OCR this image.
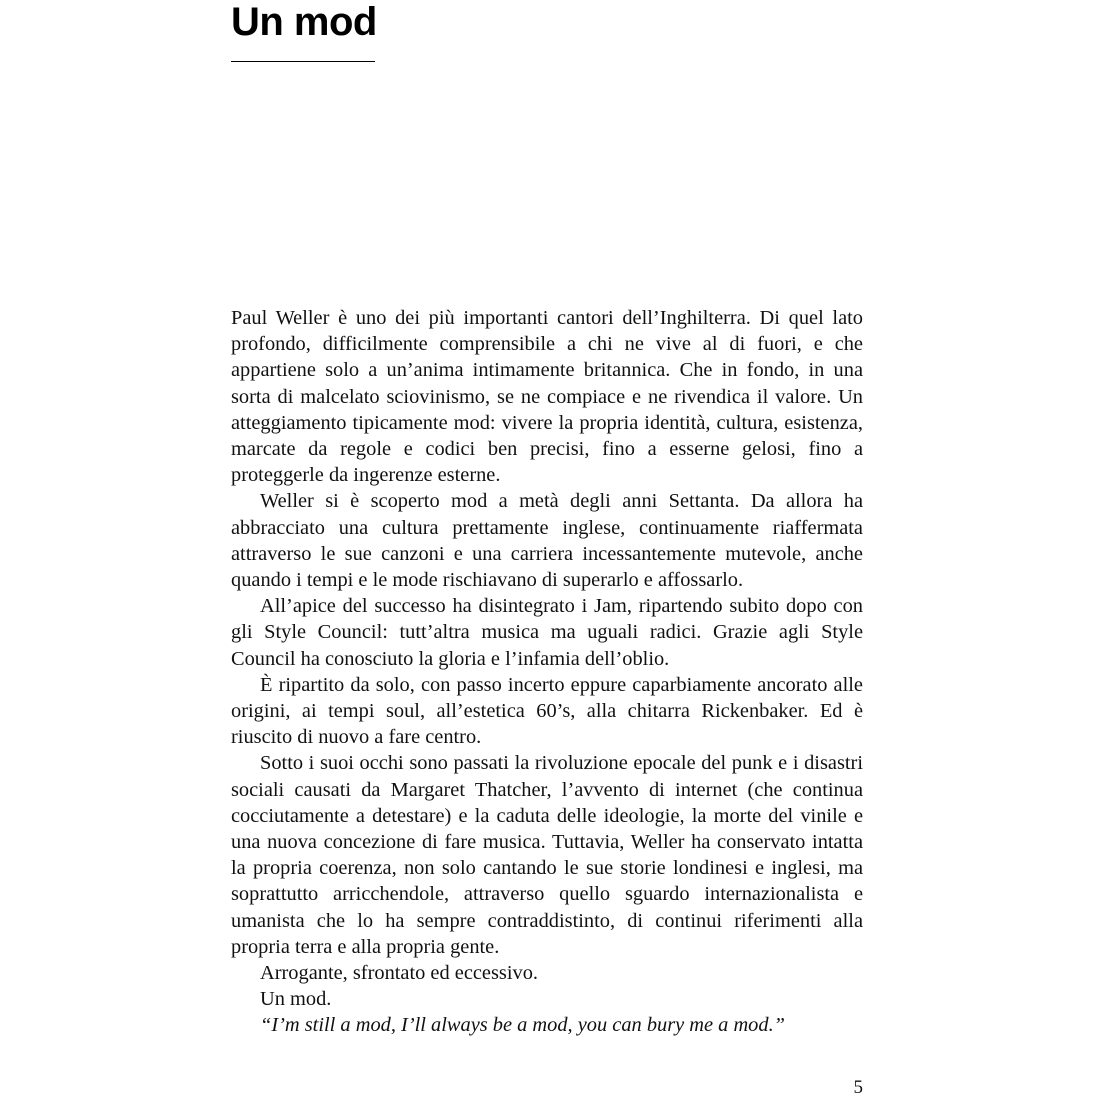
Un mod

Paul Weller è uno dei più importanti cantori dell’Inghilterra. Di quel lato profondo, difficilmente comprensibile a chi ne vive al di fuori, e che appartiene solo a un’anima intimamente britannica. Che in fondo, in una sorta di malcelato sciovinismo, se ne compiace e ne rivendica il valore. Un atteggiamento tipicamente mod: vivere la propria identità, cultura, esistenza, marcate da regole e codici ben precisi, fino a esserne gelosi, fino a proteggerle da ingerenze esterne.

Weller si è scoperto mod a metà degli anni Settanta. Da allora ha abbracciato una cultura prettamente inglese, continuamente riaffermata attraverso le sue canzoni e una carriera incessantemente mutevole, anche quando i tempi e le mode rischiavano di superarlo e affossarlo.

All’apice del successo ha disintegrato i Jam, ripartendo subito dopo con gli Style Council: tutt’altra musica ma uguali radici. Grazie agli Style Council ha conosciuto la gloria e l’infamia dell’oblio.

È ripartito da solo, con passo incerto eppure caparbiamente ancorato alle origini, ai tempi soul, all’estetica 60’s, alla chitarra Rickenbaker. Ed è riuscito di nuovo a fare centro.

Sotto i suoi occhi sono passati la rivoluzione epocale del punk e i disastri sociali causati da Margaret Thatcher, l’avvento di internet (che continua cocciutamente a detestare) e la caduta delle ideologie, la morte del vinile e una nuova concezione di fare musica. Tuttavia, Weller ha conservato intatta la propria coerenza, non solo cantando le sue storie londinesi e inglesi, ma soprattutto arricchendole, attraverso quello sguardo internazionalista e umanista che lo ha sempre contraddistinto, di continui riferimenti alla propria terra e alla propria gente.

Arrogante, sfrontato ed eccessivo.

Un mod.

“I’m still a mod, I’ll always be a mod, you can bury me a mod.”

5
